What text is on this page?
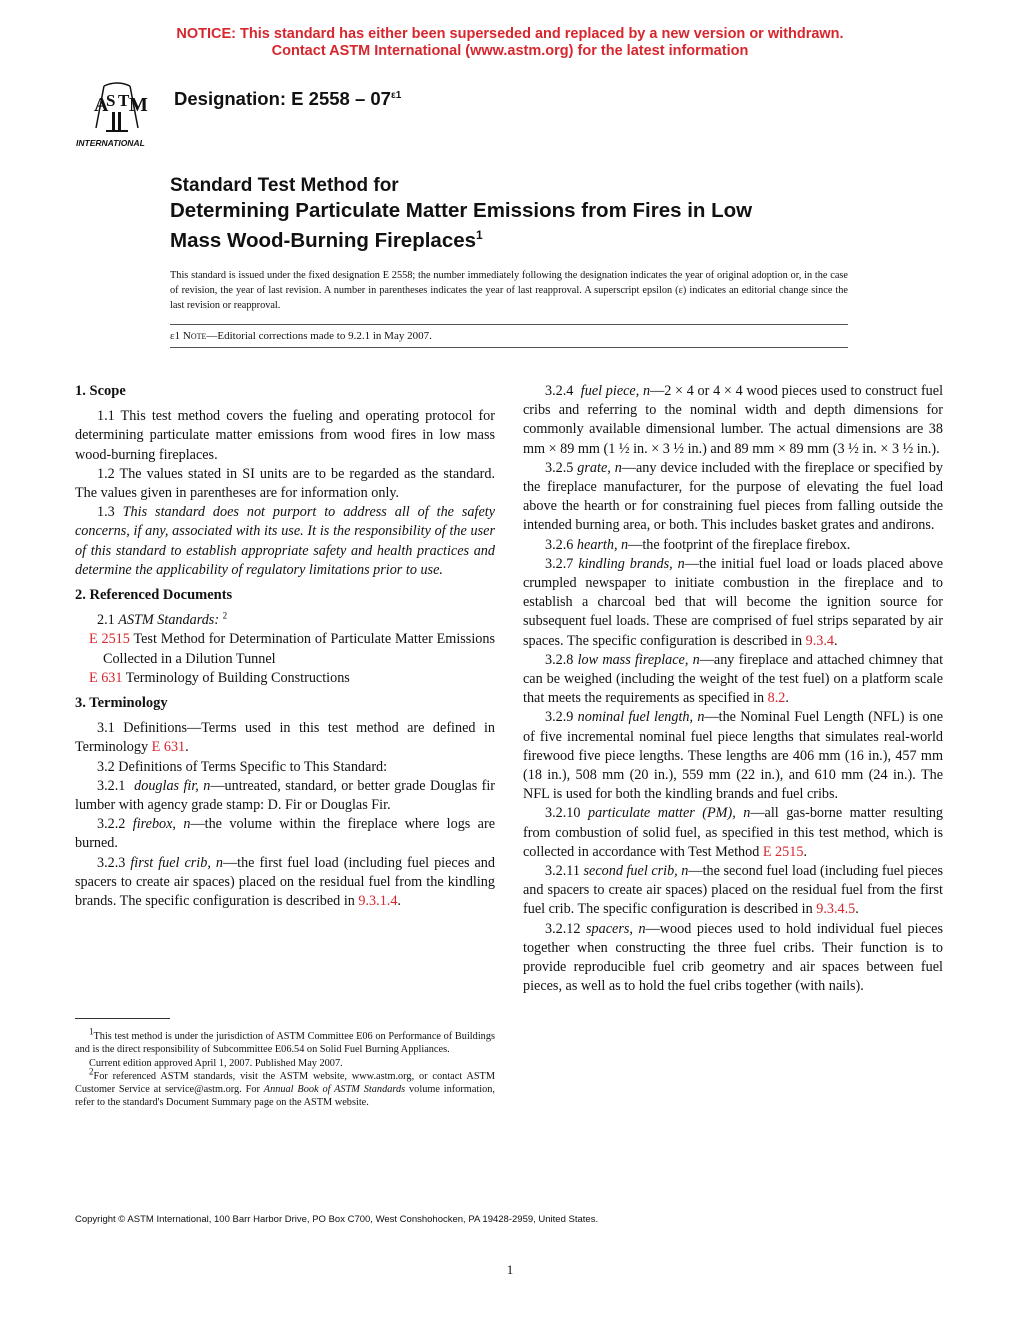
NOTICE: This standard has either been superseded and replaced by a new version or withdrawn.
Contact ASTM International (www.astm.org) for the latest information
A
S T M
INTERNATIONAL
Designation: E $2558 - 07^{\varepsilon 1}$
Standard Test Method for
Determining Particulate Matter Emissions from Fires in Low
Mass Wood-Burning Fireplaces$^1$
This standard is issued under the fixed designation E 2558; the number immediately following the designation indicates the year of original adoption or, in the case of revision, the year of last revision. A number in parentheses indicates the year of last reapproval. A superscript epsilon (ε) indicates an editorial change since the last revision or reapproval.
ε1 Note—Editorial corrections made to 9.2.1 in May 2007.
1. Scope

1.1 This test method covers the fueling and operating protocol for determining particulate matter emissions from wood fires in low mass wood-burning fireplaces.

1.2 The values stated in SI units are to be regarded as the standard. The values given in parentheses are for information only.

1.3 This standard does not purport to address all of the safety concerns, if any, associated with its use. It is the responsibility of the user of this standard to establish appropriate safety and health practices and determine the applicability of regulatory limitations prior to use.

2. Referenced Documents

2.1 ASTM Standards: $^2$

E 2515 Test Method for Determination of Particulate Matter Emissions Collected in a Dilution Tunnel

E 631 Terminology of Building Constructions

3. Terminology

3.1 Definitions—Terms used in this test method are defined in Terminology E 631.

3.2 Definitions of Terms Specific to This Standard:

3.2.1 douglas fir, n—untreated, standard, or better grade Douglas fir lumber with agency grade stamp: D. Fir or Douglas Fir.

3.2.2 firebox, n—the volume within the fireplace where logs are burned.

3.2.3 first fuel crib, n—the first fuel load (including fuel pieces and spacers to create air spaces) placed on the residual fuel from the kindling brands. The specific configuration is described in 9.3.1.4.

$^1$This test method is under the jurisdiction of ASTM Committee E06 on Performance of Buildings and is the direct responsibility of Subcommittee E06.54 on Solid Fuel Burning Appliances.

Current edition approved April 1, 2007. Published May 2007.

$^2$For referenced ASTM standards, visit the ASTM website, www.astm.org, or contact ASTM Customer Service at service@astm.org. For Annual Book of ASTM Standards volume information, refer to the standard's Document Summary page on the ASTM website.

3.2.4 fuel piece, n—2 × 4 or 4 × 4 wood pieces used to construct fuel cribs and referring to the nominal width and depth dimensions for commonly available dimensional lumber. The actual dimensions are 38 mm × 89 mm (1 ½ in. × 3 ½ in.) and 89 mm × 89 mm (3 ½ in. × 3 ½ in.).

3.2.5 grate, n—any device included with the fireplace or specified by the fireplace manufacturer, for the purpose of elevating the fuel load above the hearth or for constraining fuel pieces from falling outside the intended burning area, or both. This includes basket grates and andirons.

3.2.6 hearth, n—the footprint of the fireplace firebox.

3.2.7 kindling brands, n—the initial fuel load or loads placed above crumpled newspaper to initiate combustion in the fireplace and to establish a charcoal bed that will become the ignition source for subsequent fuel loads. These are comprised of fuel strips separated by air spaces. The specific configuration is described in 9.3.4.

3.2.8 low mass fireplace, n—any fireplace and attached chimney that can be weighed (including the weight of the test fuel) on a platform scale that meets the requirements as specified in 8.2.

3.2.9 nominal fuel length, n—the Nominal Fuel Length (NFL) is one of five incremental nominal fuel piece lengths that simulates real-world firewood five piece lengths. These lengths are 406 mm (16 in.), 457 mm (18 in.), 508 mm (20 in.), 559 mm (22 in.), and 610 mm (24 in.). The NFL is used for both the kindling brands and fuel cribs.

3.2.10 particulate matter (PM), n—all gas-borne matter resulting from combustion of solid fuel, as specified in this test method, which is collected in accordance with Test Method E 2515.

3.2.11 second fuel crib, n—the second fuel load (including fuel pieces and spacers to create air spaces) placed on the residual fuel from the first fuel crib. The specific configuration is described in 9.3.4.5.

3.2.12 spacers, n—wood pieces used to hold individual fuel pieces together when constructing the three fuel cribs. Their function is to provide reproducible fuel crib geometry and air spaces between fuel pieces, as well as to hold the fuel cribs together (with nails).

Copyright © ASTM International, 100 Barr Harbor Drive, PO Box C700, West Conshohocken, PA 19428-2959, United States.
1
